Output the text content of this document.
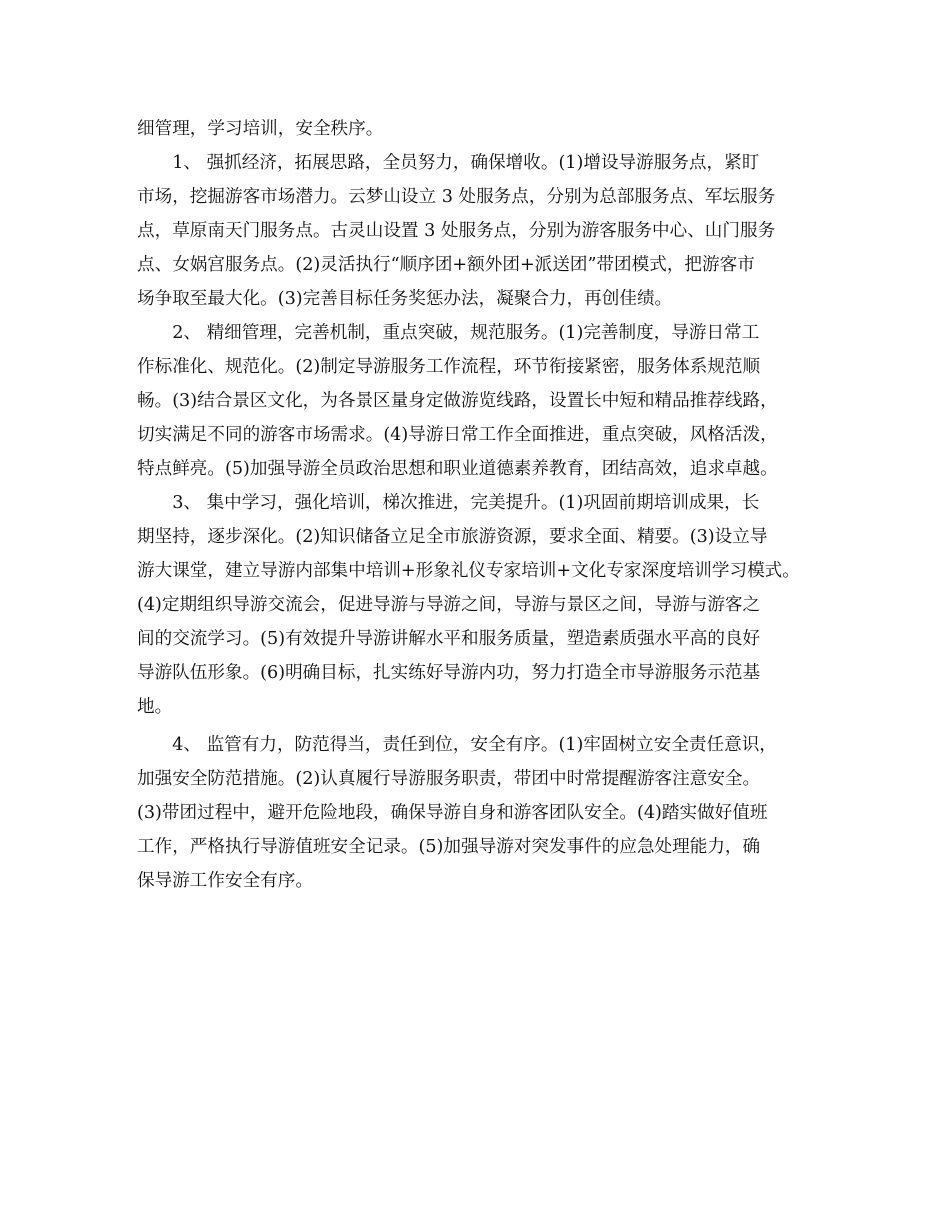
细管理，学习培训，安全秩序。
　　1、 强抓经济，拓展思路，全员努力，确保增收。(1)增设导游服务点，紧盯
市场，挖掘游客市场潜力。云梦山设立 3 处服务点，分别为总部服务点、军坛服务
点，草原南天门服务点。古灵山设置 3 处服务点，分别为游客服务中心、山门服务
点、女娲宫服务点。(2)灵活执行“顺序团+额外团+派送团”带团模式，把游客市
场争取至最大化。(3)完善目标任务奖惩办法，凝聚合力，再创佳绩。
　　2、 精细管理，完善机制，重点突破，规范服务。(1)完善制度，导游日常工
作标准化、规范化。(2)制定导游服务工作流程，环节衔接紧密，服务体系规范顺
畅。(3)结合景区文化，为各景区量身定做游览线路，设置长中短和精品推荐线路，
切实满足不同的游客市场需求。(4)导游日常工作全面推进，重点突破，风格活泼，
特点鲜亮。(5)加强导游全员政治思想和职业道德素养教育，团结高效，追求卓越。
　　3、 集中学习，强化培训，梯次推进，完美提升。(1)巩固前期培训成果，长
期坚持，逐步深化。(2)知识储备立足全市旅游资源，要求全面、精要。(3)设立导
游大课堂，建立导游内部集中培训+形象礼仪专家培训+文化专家深度培训学习模式。
(4)定期组织导游交流会，促进导游与导游之间，导游与景区之间，导游与游客之
间的交流学习。(5)有效提升导游讲解水平和服务质量，塑造素质强水平高的良好
导游队伍形象。(6)明确目标，扎实练好导游内功，努力打造全市导游服务示范基
地。
　　4、 监管有力，防范得当，责任到位，安全有序。(1)牢固树立安全责任意识，
加强安全防范措施。(2)认真履行导游服务职责，带团中时常提醒游客注意安全。
(3)带团过程中，避开危险地段，确保导游自身和游客团队安全。(4)踏实做好值班
工作，严格执行导游值班安全记录。(5)加强导游对突发事件的应急处理能力，确
保导游工作安全有序。
